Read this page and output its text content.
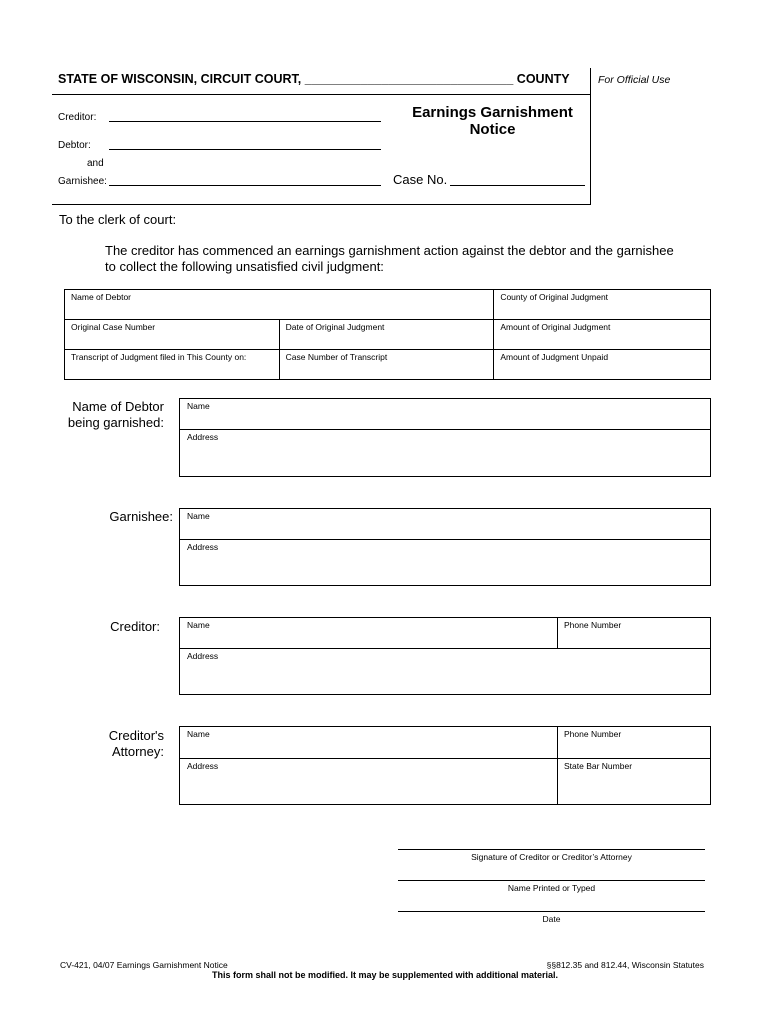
STATE OF WISCONSIN, CIRCUIT COURT, ______________________________ COUNTY	For Official Use
Creditor:
Debtor:
and
Garnishee:
Earnings Garnishment
Notice
Case No.
To the clerk of court:
The creditor has commenced an earnings garnishment action against the debtor and the garnishee
to collect the following unsatisfied civil judgment:
Name of Debtor		County of Original Judgment
Original Case Number	Date of Original Judgment	Amount of Original Judgment
Transcript of Judgment filed in This County on:	Case Number of Transcript	Amount of Judgment Unpaid
Name of Debtor
being garnished:
Name
Address
Garnishee: Name
Address
Creditor:	Name	Phone Number
Address
Creditor's
Attorney:
Name	Phone Number
Address	State Bar Number
Signature of Creditor or Creditor’s Attorney
Name Printed or Typed
Date
CV-421, 04/07 Earnings Garnishment Notice	§§812.35 and 812.44, Wisconsin Statutes
This form shall not be modified. It may be supplemented with additional material.
